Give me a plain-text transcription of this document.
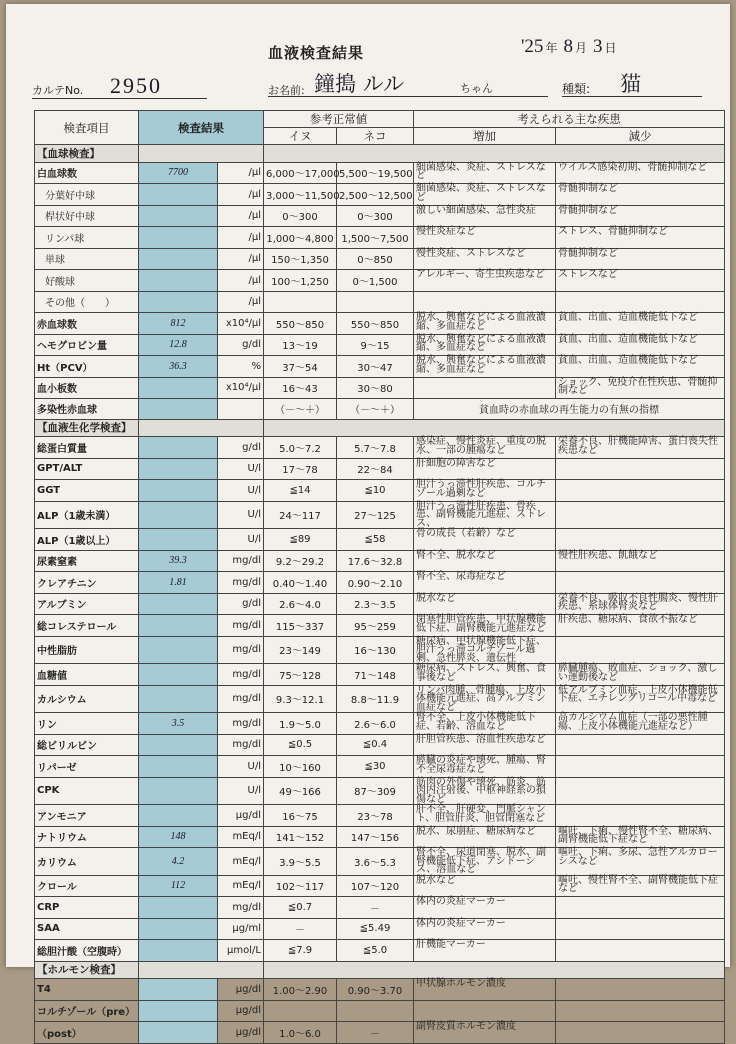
血液検査結果	'25 年 8 月 3 日
カルテNo. 2950	お名前: 鐘搗 ルル	ちゃん	種類: 猫
検査項目	検査結果		参考正常値		考えられる主な疾患	
			イヌ	ネコ	増加	減少
【血球検査】						
白血球数	7700	/μl	6,000～17,000	5,500～19,500	細菌感染、炎症、ストレスなど	ウイルス感染初期、骨髄抑制など
分葉好中球		/μl	3,000～11,500	2,500～12,500	細菌感染、炎症、ストレスなど	骨髄抑制など
桿状好中球		/μl	0～300	0～300	激しい細菌感染、急性炎症	骨髄抑制など
リンパ球		/μl	1,000～4,800	1,500～7,500	慢性炎症など	ストレス、骨髄抑制など
単球		/μl	150～1,350	0～850	慢性炎症、ストレスなど	骨髄抑制など
好酸球		/μl	100～1,250	0～1,500	アレルギー、寄生虫疾患など	ストレスなど
その他（　　）		/μl				
赤血球数	812	x10⁴/μl	550～850	550～850	脱水、興奮などによる血液濃縮、多血症など	貧血、出血、造血機能低下など
ヘモグロビン量	12.8	g/dl	13～19	9～15	脱水、興奮などによる血液濃縮、多血症など	貧血、出血、造血機能低下など
Ht（PCV）	36.3	%	37～54	30～47	脱水、興奮などによる血液濃縮、多血症など	貧血、出血、造血機能低下など
血小板数		x10⁴/μl	16～43	30～80		ショック、免疫介在性疾患、骨髄抑制など
多染性赤血球			（－～＋）	（－～＋）	貧血時の赤血球の再生能力の有無の指標	
【血液生化学検査】						
総蛋白質量		g/dl	5.0～7.2	5.7～7.8	感染症、慢性炎症、重度の脱水、一部の腫瘍など	栄養不良、肝機能障害、蛋白喪失性疾患など
GPT/ALT		U/l	17～78	22～84	肝細胞の障害など	
GGT		U/l	≦14	≦10	胆汁うっ滞性肝疾患、コルチゾール過剰など	
ALP（1歳未満）		U/l	24～117	27～125	胆汁うっ滞性肝疾患、骨疾患、副腎機能亢進症、ストレス、	
ALP（1歳以上）		U/l	≦89	≦58	骨の成長（若齢）など	
尿素窒素	39.3	mg/dl	9.2～29.2	17.6～32.8	腎不全、脱水など	慢性肝疾患、飢餓など
クレアチニン	1.81	mg/dl	0.40～1.40	0.90～2.10	腎不全、尿毒症など	
アルブミン		g/dl	2.6～4.0	2.3～3.5	脱水など	栄養不良、吸収不良性腸炎、慢性肝疾患、糸球体腎炎など
総コレステロール		mg/dl	115～337	95～259	閉塞性胆管疾患、甲状腺機能低下症、副腎機能亢進症など	肝疾患、糖尿病、食欲不振など
中性脂肪		mg/dl	23～149	16～130	糖尿病、甲状腺機能低下症、胆汁うっ滞コルチゾール過剰、急性膵炎、遺伝性	
血糖値		mg/dl	75～128	71～148	糖尿病、ストレス、興奮、食事後など	膵臓腫瘍、敗血症、ショック、激しい運動後など
カルシウム		mg/dl	9.3～12.1	8.8～11.9	リンパ肉腫、骨腫瘍、上皮小体機能亢進症、高アルブミン血症など	低アルブミン血症、上皮小体機能低下症、エチレングリコール中毒など
リン	3.5	mg/dl	1.9～5.0	2.6～6.0	腎不全、上皮小体機能低下症、若齢、溶血など	高カルシウム血症（一部の悪性腫瘍、上皮小体機能亢進症など）
総ビリルビン		mg/dl	≦0.5	≦0.4	肝胆管疾患、溶血性疾患など	
リパーゼ		U/l	10～160	≦30	膵臓の炎症や壊死、腫瘍、腎不全尿毒症など	
CPK		U/l	49～166	87～309	筋肉の外傷や壊死、筋炎、筋肉内注射後、中枢神経系の損傷など	
アンモニア		μg/dl	16～75	23～78	肝不全、肝硬変、門脈シャント、胆管肝炎、胆管閉塞など	
ナトリウム	148	mEq/l	141～152	147～156	脱水、尿崩症、糖尿病など	嘔吐、下痢、慢性腎不全、糖尿病、副腎機能低下症など
カリウム	4.2	mEq/l	3.9～5.5	3.6～5.3	腎不全、尿道閉塞、脱水、副腎機能低下症、アシドーシス、溶血など	嘔吐、下痢、多尿、急性アルカローシスなど
クロール	112	mEq/l	102～117	107～120	脱水など	嘔吐、慢性腎不全、副腎機能低下症など
CRP		mg/dl	≦0.7	－	体内の炎症マーカー	
SAA		μg/ml	－	≦5.49	体内の炎症マーカー	
総胆汁酸（空腹時）		μmol/L	≦7.9	≦5.0	肝機能マーカー	
【ホルモン検査】						
T4		μg/dl	1.00～2.90	0.90～3.70	甲状腺ホルモン濃度	
コルチゾール（pre）		μg/dl				
（post）		μg/dl	1.0～6.0	－	副腎皮質ホルモン濃度	
